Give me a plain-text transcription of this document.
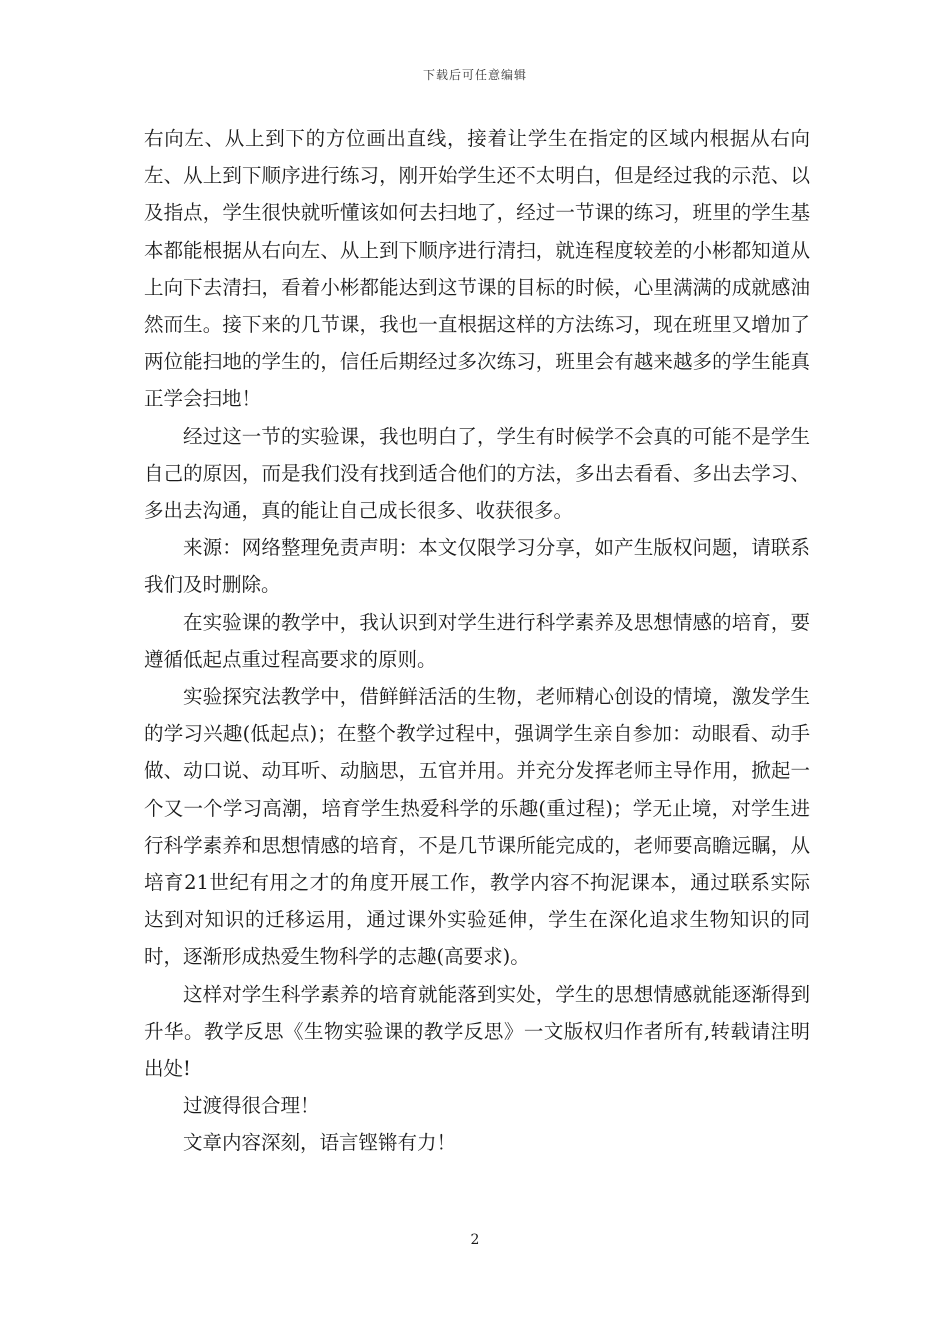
下载后可任意编辑

右向左、从上到下的方位画出直线，接着让学生在指定的区域内根据从右向左、从上到下顺序进行练习，刚开始学生还不太明白，但是经过我的示范、以及指点，学生很快就听懂该如何去扫地了，经过一节课的练习，班里的学生基本都能根据从右向左、从上到下顺序进行清扫，就连程度较差的小彬都知道从上向下去清扫，看着小彬都能达到这节课的目标的时候，心里满满的成就感油然而生。接下来的几节课，我也一直根据这样的方法练习，现在班里又增加了两位能扫地的学生的，信任后期经过多次练习，班里会有越来越多的学生能真正学会扫地！

经过这一节的实验课，我也明白了，学生有时候学不会真的可能不是学生自己的原因，而是我们没有找到适合他们的方法，多出去看看、多出去学习、多出去沟通，真的能让自己成长很多、收获很多。

来源：网络整理免责声明：本文仅限学习分享，如产生版权问题，请联系我们及时删除。

在实验课的教学中，我认识到对学生进行科学素养及思想情感的培育，要遵循低起点重过程高要求的原则。

实验探究法教学中，借鲜鲜活活的生物，老师精心创设的情境，激发学生的学习兴趣(低起点)；在整个教学过程中，强调学生亲自参加：动眼看、动手做、动口说、动耳听、动脑思，五官并用。并充分发挥老师主导作用，掀起一个又一个学习高潮，培育学生热爱科学的乐趣(重过程)；学无止境，对学生进行科学素养和思想情感的培育，不是几节课所能完成的，老师要高瞻远瞩，从培育21世纪有用之才的角度开展工作，教学内容不拘泥课本，通过联系实际达到对知识的迁移运用，通过课外实验延伸，学生在深化追求生物知识的同时，逐渐形成热爱生物科学的志趣(高要求)。

这样对学生科学素养的培育就能落到实处，学生的思想情感就能逐渐得到升华。教学反思《生物实验课的教学反思》一文版权归作者所有,转载请注明出处!

过渡得很合理！

文章内容深刻，语言铿锵有力！

2
